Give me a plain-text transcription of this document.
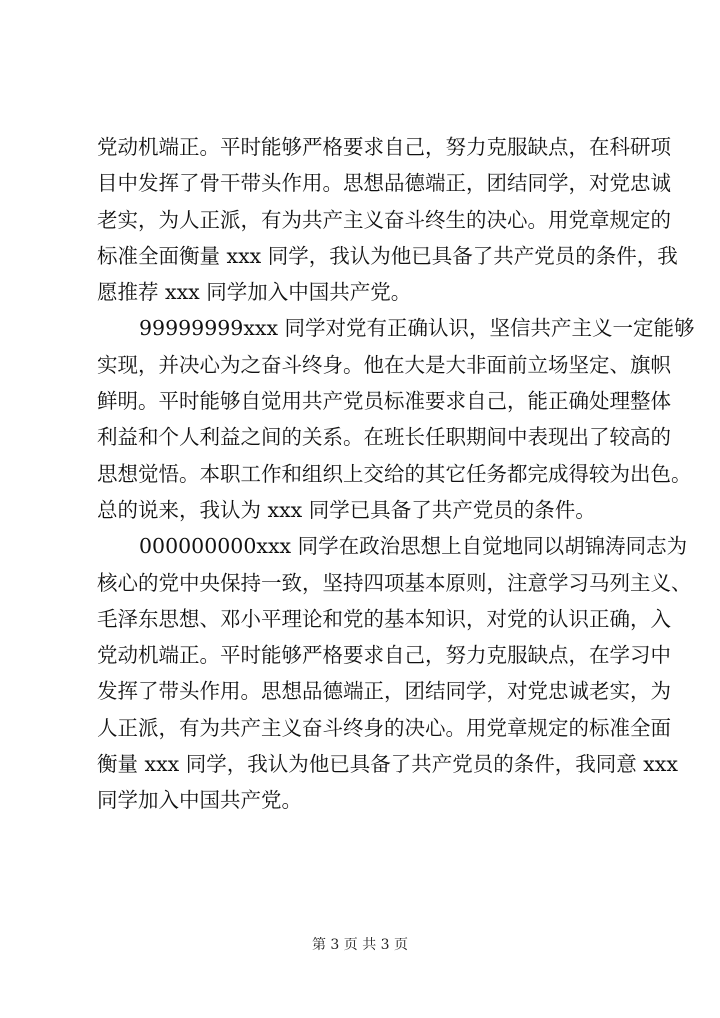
党动机端正。平时能够严格要求自己，努力克服缺点，在科研项
目中发挥了骨干带头作用。思想品德端正，团结同学，对党忠诚
老实，为人正派，有为共产主义奋斗终生的决心。用党章规定的
标准全面衡量 xxx 同学，我认为他已具备了共产党员的条件，我
愿推荐 xxx 同学加入中国共产党。
99999999xxx 同学对党有正确认识，坚信共产主义一定能够
实现，并决心为之奋斗终身。他在大是大非面前立场坚定、旗帜
鲜明。平时能够自觉用共产党员标准要求自己，能正确处理整体
利益和个人利益之间的关系。在班长任职期间中表现出了较高的
思想觉悟。本职工作和组织上交给的其它任务都完成得较为出色。
总的说来，我认为 xxx 同学已具备了共产党员的条件。
000000000xxx 同学在政治思想上自觉地同以胡锦涛同志为
核心的党中央保持一致，坚持四项基本原则，注意学习马列主义、
毛泽东思想、邓小平理论和党的基本知识，对党的认识正确，入
党动机端正。平时能够严格要求自己，努力克服缺点，在学习中
发挥了带头作用。思想品德端正，团结同学，对党忠诚老实，为
人正派，有为共产主义奋斗终身的决心。用党章规定的标准全面
衡量 xxx 同学，我认为他已具备了共产党员的条件，我同意 xxx
同学加入中国共产党。
第 3 页 共 3 页
